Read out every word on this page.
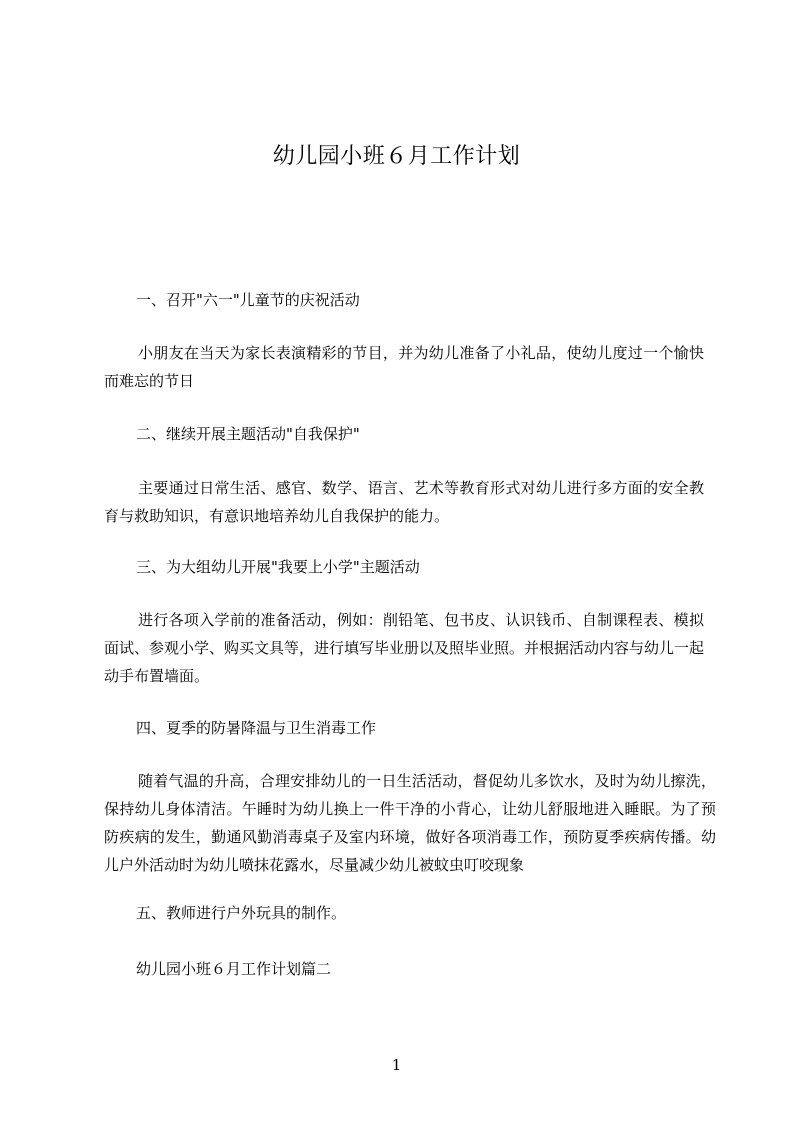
幼儿园小班６月工作计划
一、召开"六一"儿童节的庆祝活动
小朋友在当天为家长表演精彩的节目，并为幼儿准备了小礼品，使幼儿度过一个愉快而难忘的节日
二、继续开展主题活动"自我保护"
主要通过日常生活、感官、数学、语言、艺术等教育形式对幼儿进行多方面的安全教育与救助知识，有意识地培养幼儿自我保护的能力。
三、为大组幼儿开展"我要上小学"主题活动
进行各项入学前的准备活动，例如：削铅笔、包书皮、认识钱币、自制课程表、模拟面试、参观小学、购买文具等，进行填写毕业册以及照毕业照。并根据活动内容与幼儿一起动手布置墙面。
四、夏季的防暑降温与卫生消毒工作
随着气温的升高，合理安排幼儿的一日生活活动，督促幼儿多饮水，及时为幼儿擦洗，保持幼儿身体清洁。午睡时为幼儿换上一件干净的小背心，让幼儿舒服地进入睡眠。为了预防疾病的发生，勤通风勤消毒桌子及室内环境，做好各项消毒工作，预防夏季疾病传播。幼儿户外活动时为幼儿喷抹花露水，尽量减少幼儿被蚊虫叮咬现象
五、教师进行户外玩具的制作。
幼儿园小班６月工作计划篇二
1
